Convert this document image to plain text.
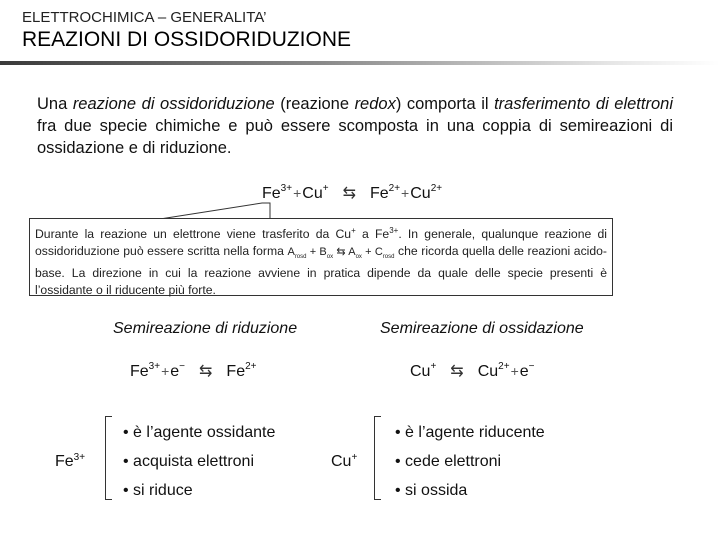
ELETTROCHIMICA – GENERALITA’
REAZIONI DI OSSIDORIDUZIONE

Una reazione di ossidoriduzione (reazione redox) comporta il trasferimento di elettroni fra due specie chimiche e può essere scomposta in una coppia di semireazioni di ossidazione e di riduzione.

$Fe^{3+}+Cu^+$ ⇆ $Fe^{2+}+Cu^{2+}$
Durante la reazione un elettrone viene trasferito da Cu+ a $Fe^{3+}$. In generale, qualunque reazione di ossidoriduzione può essere scritta nella forma $A_{rosd} + B_{ox}$ ⇆ $A_{ox} + C_{rosd}$ che ricorda quella delle reazioni acido-base. La direzione in cui la reazione avviene in pratica dipende da quale delle specie presenti è l’ossidante o il riducente più forte.
Semireazione di riduzione	Semireazione di ossidazione
$Fe^{3+}+e^-$ ⇆ $Fe^{2+}$	Cu+ ⇆ $Cu^{2+}+e^-$
$Fe^{3+}$
• è l’agente ossidante
• acquista elettroni
• si riduce
Cu+
• è l’agente riducente
• cede elettroni
• si ossida
